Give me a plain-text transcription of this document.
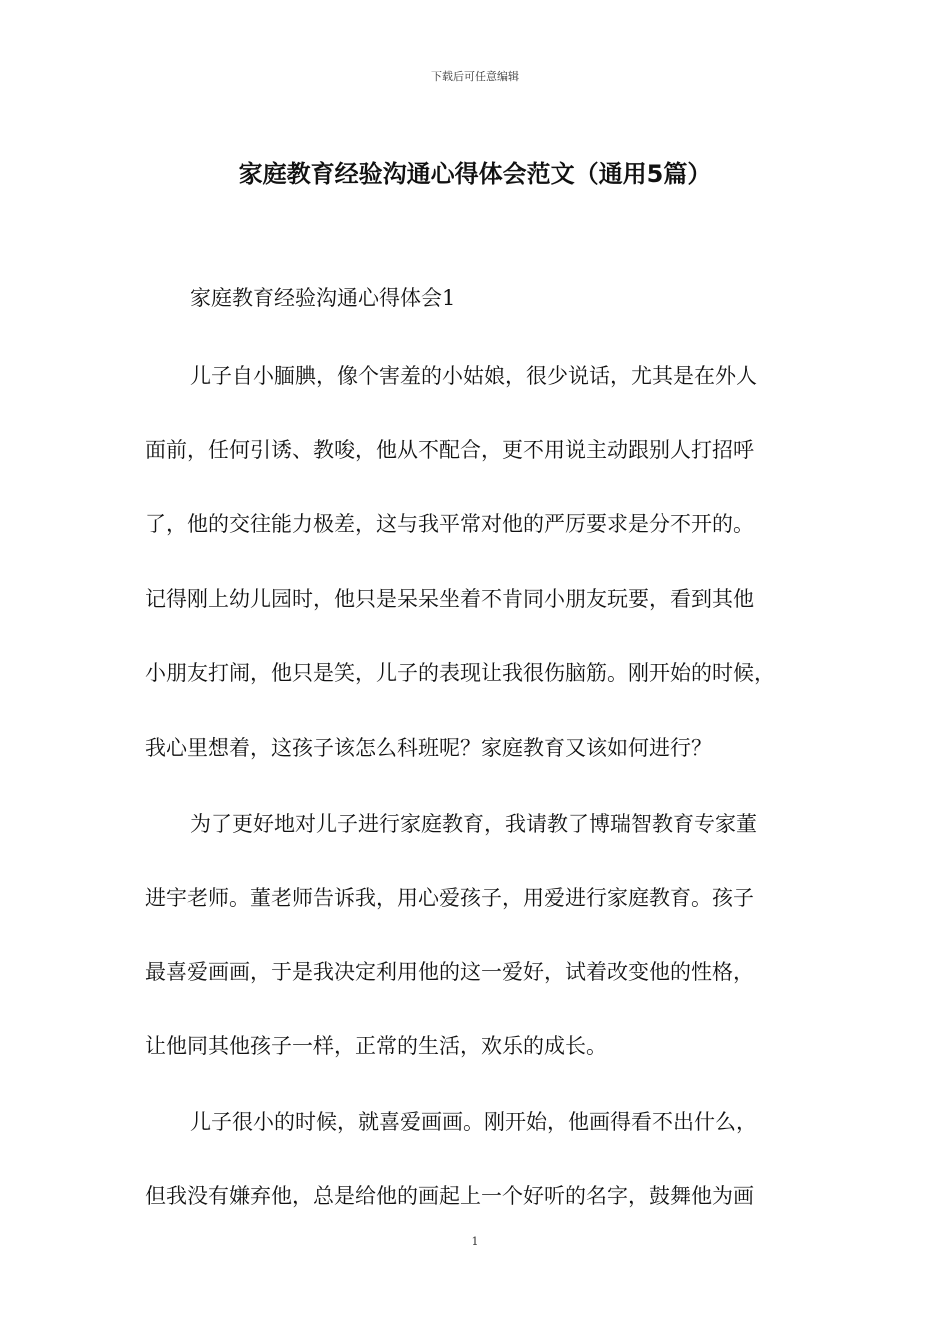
下载后可任意编辑
家庭教育经验沟通心得体会范文（通用5篇）
家庭教育经验沟通心得体会1
儿子自小腼腆，像个害羞的小姑娘，很少说话，尤其是在外人
面前，任何引诱、教唆，他从不配合，更不用说主动跟别人打招呼
了，他的交往能力极差，这与我平常对他的严厉要求是分不开的。
记得刚上幼儿园时，他只是呆呆坐着不肯同小朋友玩要，看到其他
小朋友打闹，他只是笑，儿子的表现让我很伤脑筋。刚开始的时候，
我心里想着，这孩子该怎么科班呢？家庭教育又该如何进行？
为了更好地对儿子进行家庭教育，我请教了博瑞智教育专家董
进宇老师。董老师告诉我，用心爱孩子，用爱进行家庭教育。孩子
最喜爱画画，于是我决定利用他的这一爱好，试着改变他的性格，
让他同其他孩子一样，正常的生活，欢乐的成长。
儿子很小的时候，就喜爱画画。刚开始，他画得看不出什么，
但我没有嫌弃他，总是给他的画起上一个好听的名字，鼓舞他为画
1
